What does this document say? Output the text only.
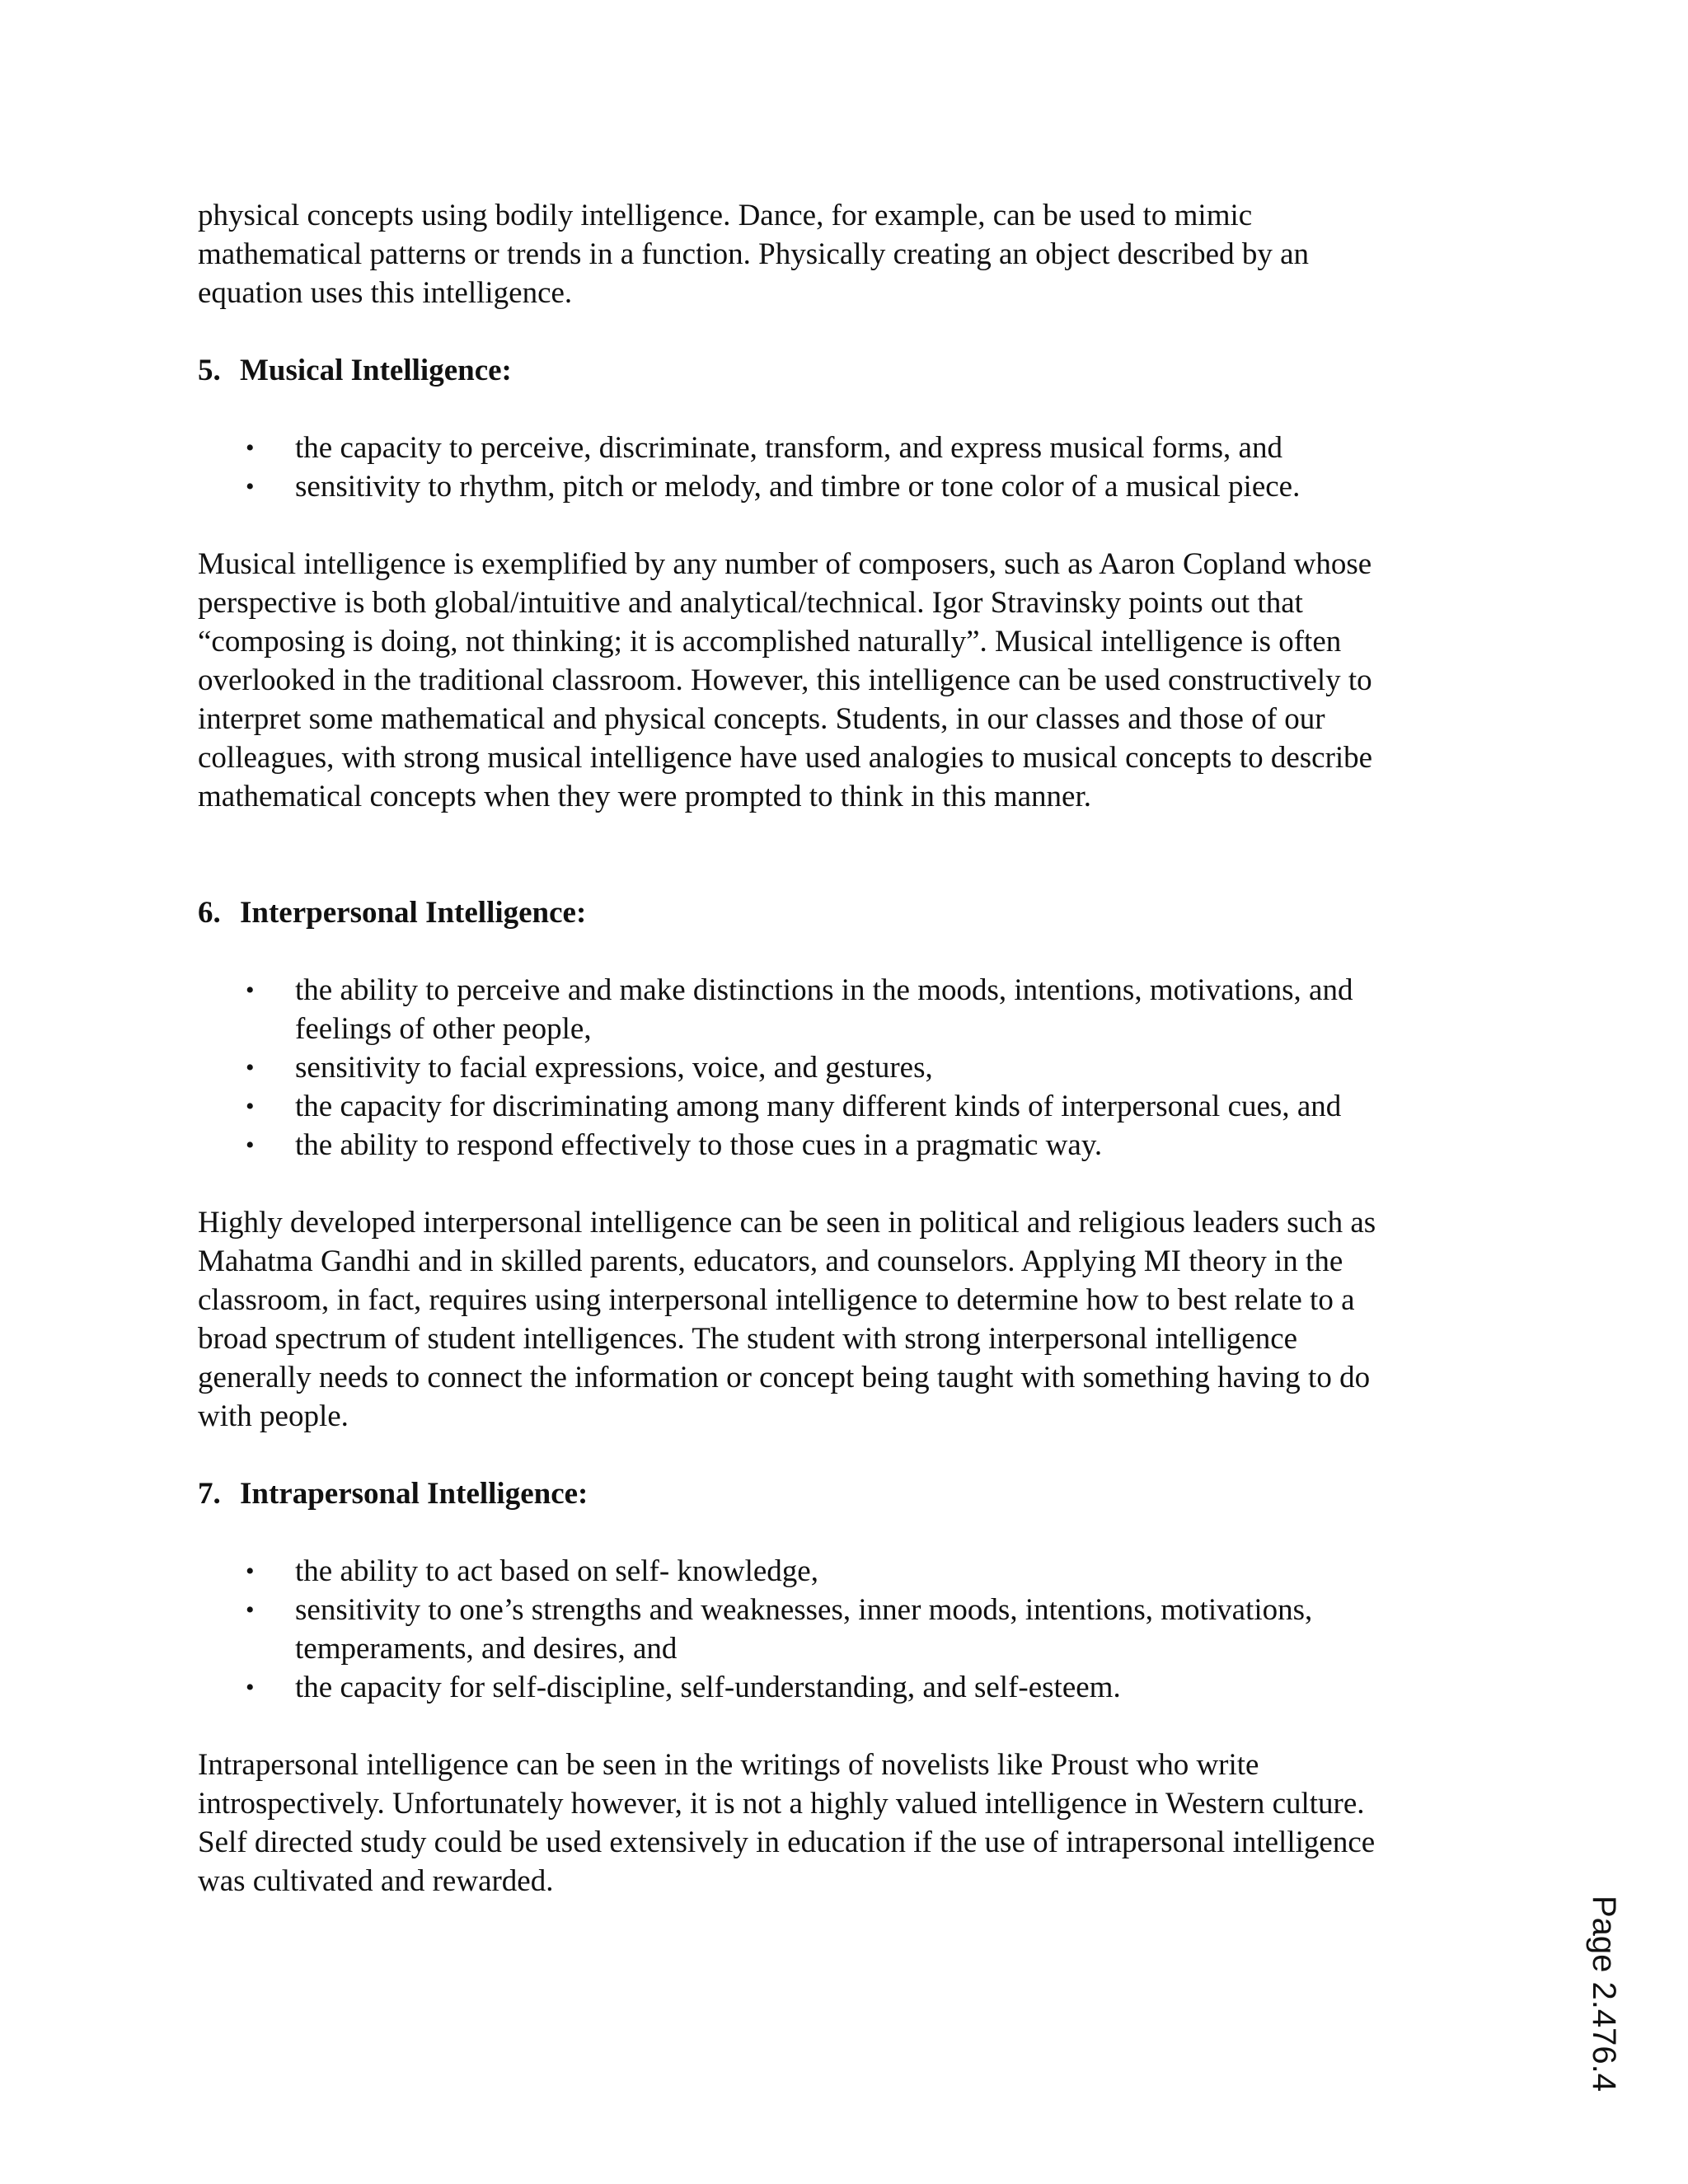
physical concepts using bodily intelligence. Dance, for example, can be used to mimic
mathematical patterns or trends in a function. Physically creating an object described by an
equation uses this intelligence.

5. Musical Intelligence:

•	the capacity to perceive, discriminate, transform, and express musical forms, and
•	sensitivity to rhythm, pitch or melody, and timbre or tone color of a musical piece.

Musical intelligence is exemplified by any number of composers, such as Aaron Copland whose
perspective is both global/intuitive and analytical/technical. Igor Stravinsky points out that
“composing is doing, not thinking; it is accomplished naturally”. Musical intelligence is often
overlooked in the traditional classroom. However, this intelligence can be used constructively to
interpret some mathematical and physical concepts. Students, in our classes and those of our
colleagues, with strong musical intelligence have used analogies to musical concepts to describe
mathematical concepts when they were prompted to think in this manner.

6. Interpersonal Intelligence:

•	the ability to perceive and make distinctions in the moods, intentions, motivations, and
feelings of other people,
•	sensitivity to facial expressions, voice, and gestures,
•	the capacity for discriminating among many different kinds of interpersonal cues, and
•	the ability to respond effectively to those cues in a pragmatic way.

Highly developed interpersonal intelligence can be seen in political and religious leaders such as
Mahatma Gandhi and in skilled parents, educators, and counselors. Applying MI theory in the
classroom, in fact, requires using interpersonal intelligence to determine how to best relate to a
broad spectrum of student intelligences. The student with strong interpersonal intelligence
generally needs to connect the information or concept being taught with something having to do
with people.

7. Intrapersonal Intelligence:

•	the ability to act based on self- knowledge,
•	sensitivity to one’s strengths and weaknesses, inner moods, intentions, motivations,
temperaments, and desires, and
•	the capacity for self-discipline, self-understanding, and self-esteem.

Intrapersonal intelligence can be seen in the writings of novelists like Proust who write
introspectively. Unfortunately however, it is not a highly valued intelligence in Western culture.
Self directed study could be used extensively in education if the use of intrapersonal intelligence
was cultivated and rewarded.

Page 2.476.4
